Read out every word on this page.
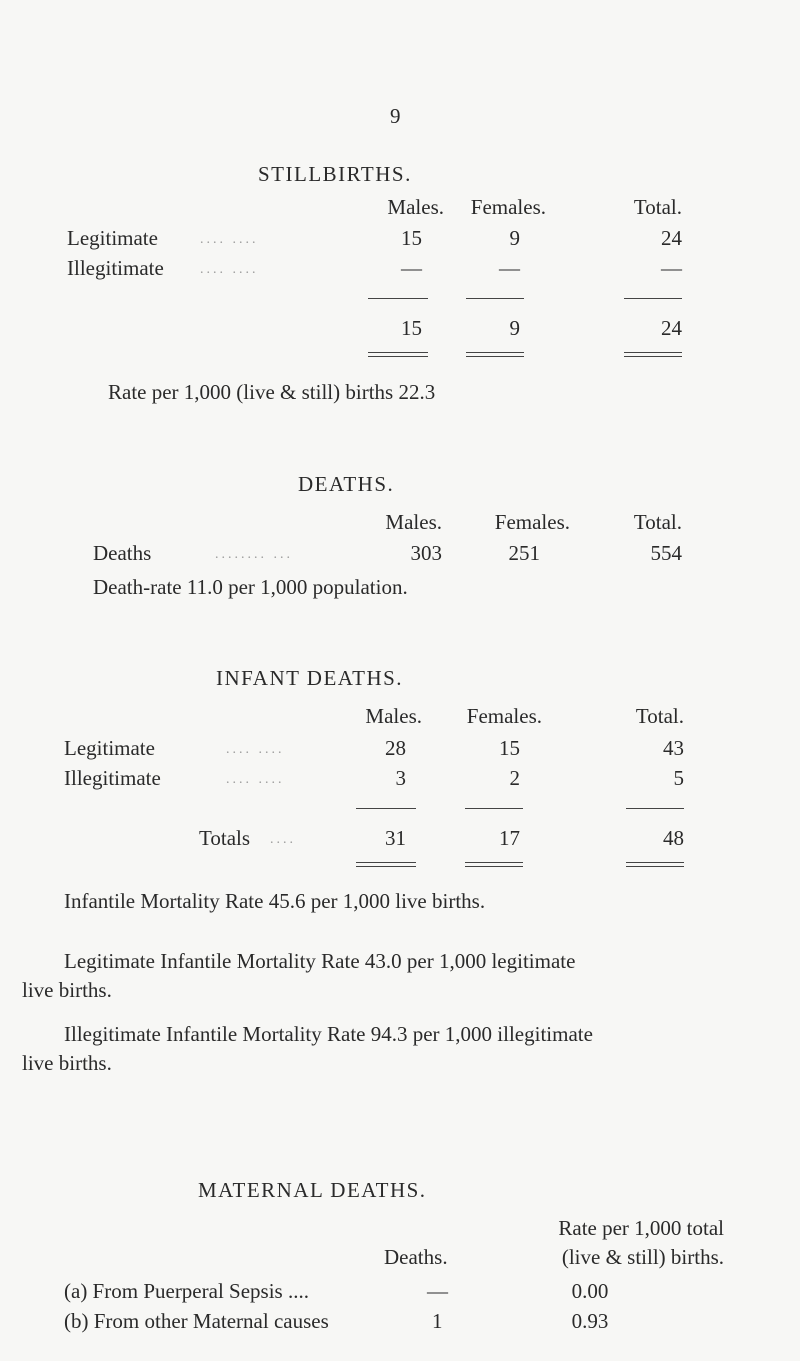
9
STILLBIRTHS.
Males.	Females.	Total.
Legitimate	.... ....	15	9	24
Illegitimate	.... ....	—	—	—
15	9	24
Rate per 1,000 (live & still) births 22.3
DEATHS.
Males.	Females.	Total.
Deaths	........ ...	303	251	554
Death-rate 11.0 per 1,000 population.
INFANT DEATHS.
Males.	Females.	Total.
Legitimate	.... ....	28	15	43
Illegitimate	.... ....	3	2	5
Totals ....	31	17	48
Infantile Mortality Rate 45.6 per 1,000 live births.
Legitimate Infantile Mortality Rate 43.0 per 1,000 legitimate
live births.
Illegitimate Infantile Mortality Rate 94.3 per 1,000 illegitimate
live births.
MATERNAL DEATHS.
Rate per 1,000 total
Deaths.	(live & still) births.
(a) From Puerperal Sepsis ....	—	0.00
(b) From other Maternal causes	1	0.93
